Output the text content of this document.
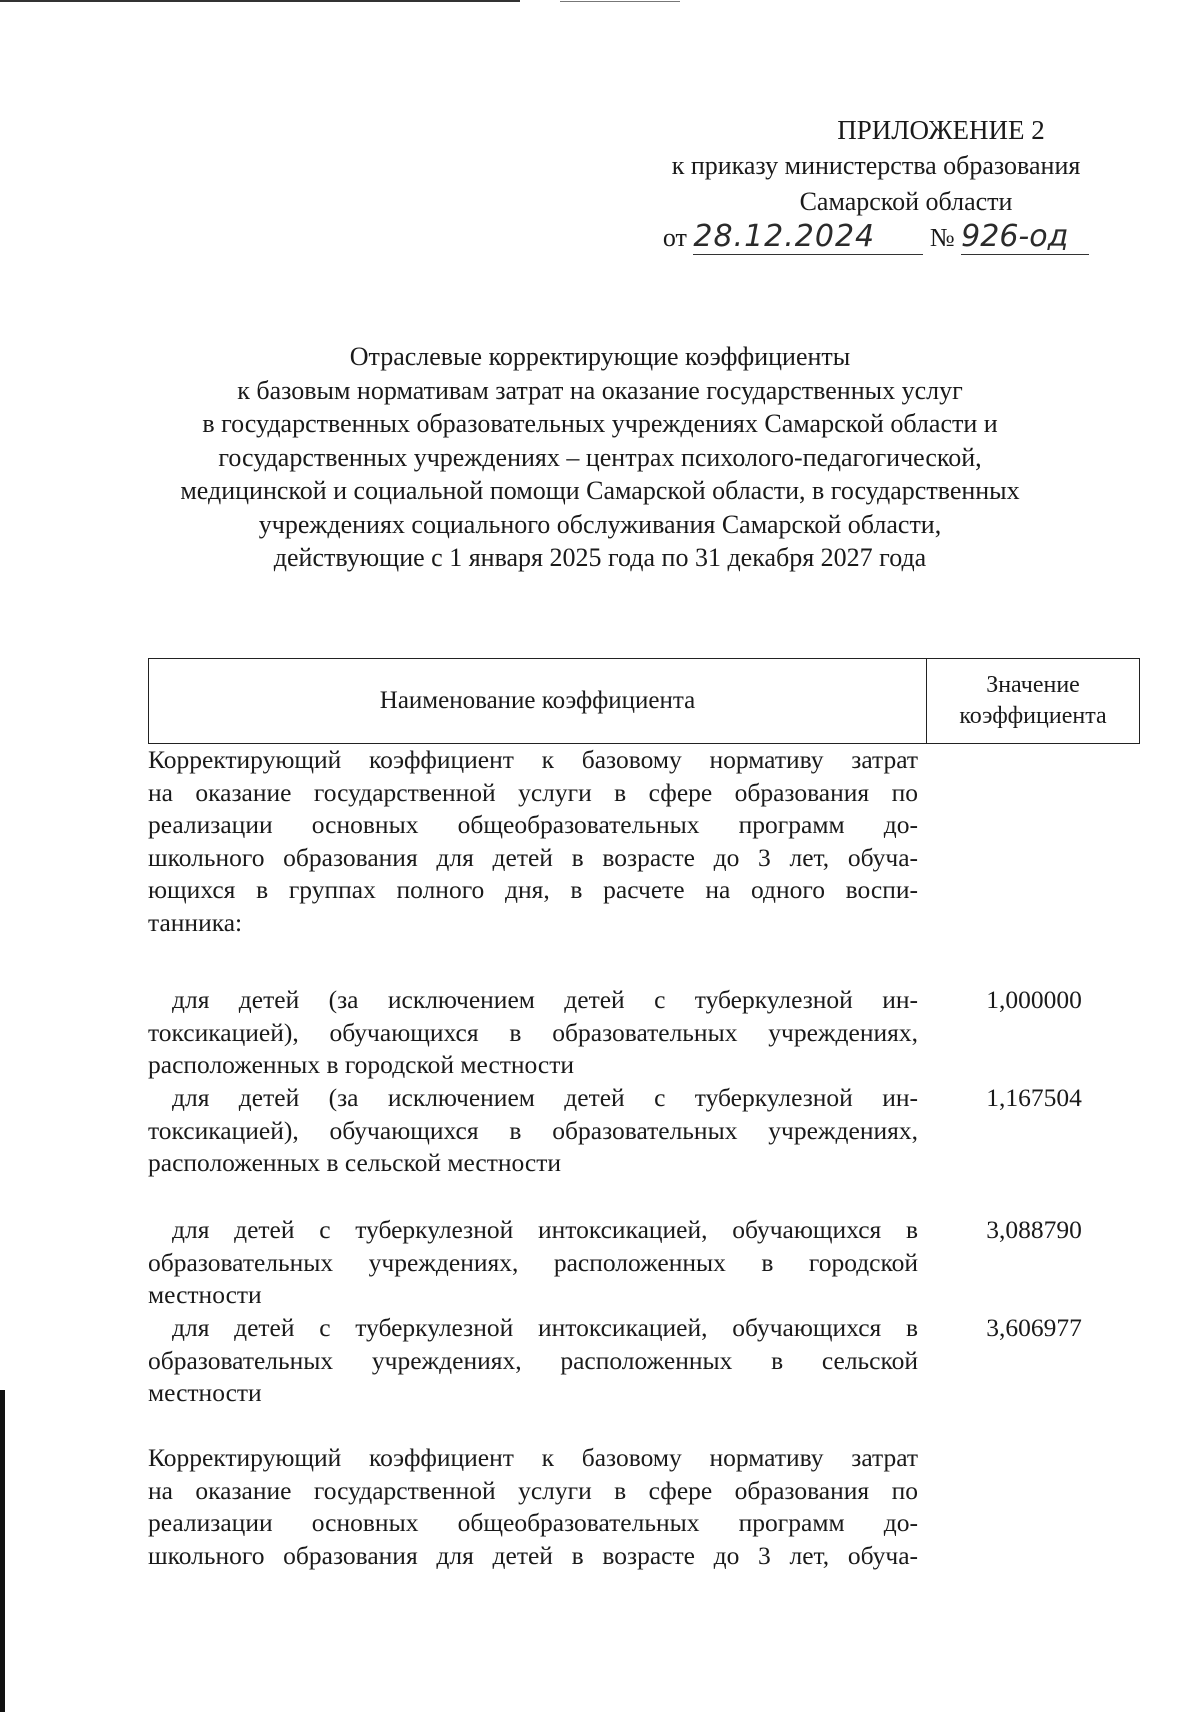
ПРИЛОЖЕНИЕ 2
к приказу министерства образования
Самарской области
от 28.12.2024 № 926-од
Отраслевые корректирующие коэффициенты
к базовым нормативам затрат на оказание государственных услуг
в государственных образовательных учреждениях Самарской области и
государственных учреждениях – центрах психолого-педагогической,
медицинской и социальной помощи Самарской области, в государственных
учреждениях социального обслуживания Самарской области,
действующие с 1 января 2025 года по 31 декабря 2027 года
Наименование коэффициента
Значение
коэффициента
Корректирующий коэффициент к базовому нормативу затрат
на оказание государственной услуги в сфере образования по
реализации основных общеобразовательных программ до-
школьного образования для детей в возрасте до 3 лет, обуча-
ющихся в группах полного дня, в расчете на одного воспи-
танника:
для детей (за исключением детей с туберкулезной ин-
токсикацией), обучающихся в образовательных учреждениях,
расположенных в городской местности
1,000000
для детей (за исключением детей с туберкулезной ин-
токсикацией), обучающихся в образовательных учреждениях,
расположенных в сельской местности
1,167504
для детей с туберкулезной интоксикацией, обучающихся в
образовательных учреждениях, расположенных в городской
местности
3,088790
для детей с туберкулезной интоксикацией, обучающихся в
образовательных учреждениях, расположенных в сельской
местности
3,606977
Корректирующий коэффициент к базовому нормативу затрат
на оказание государственной услуги в сфере образования по
реализации основных общеобразовательных программ до-
школьного образования для детей в возрасте до 3 лет, обуча-
